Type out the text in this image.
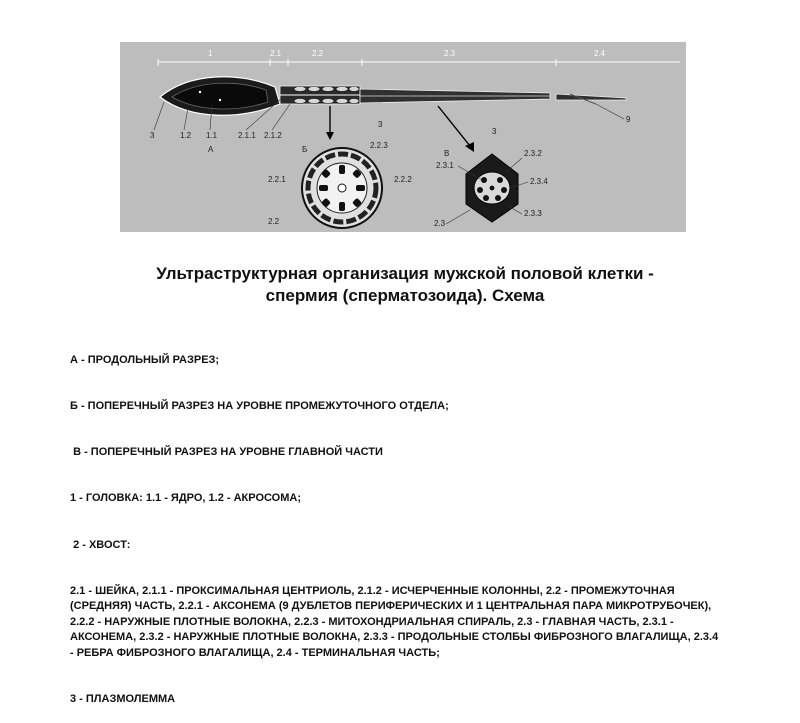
1	2.1	2.2	2.3	2.4
3	1.2 1.1	2.1.1 2.1.2
А	Б
3
3
9
2.2.3
2.2.1	2.2.2
2.2
В
2.3.1
2.3.2
2.3.4
2.3.3
2.3
Ультраструктурная организация мужской половой клетки -
спермия (сперматозоида). Схема

А - ПРОДОЛЬНЫЙ РАЗРЕЗ;

Б - ПОПЕРЕЧНЫЙ РАЗРЕЗ НА УРОВНЕ ПРОМЕЖУТОЧНОГО ОТДЕЛА;

В - ПОПЕРЕЧНЫЙ РАЗРЕЗ НА УРОВНЕ ГЛАВНОЙ ЧАСТИ

1 - ГОЛОВКА: 1.1 - ЯДРО, 1.2 - АКРОСОМА;

2 - ХВОСТ:

2.1 - ШЕЙКА, 2.1.1 - ПРОКСИМАЛЬНАЯ ЦЕНТРИОЛЬ, 2.1.2 - ИСЧЕРЧЕННЫЕ КОЛОННЫ, 2.2 - ПРОМЕЖУТОЧНАЯ (СРЕДНЯЯ) ЧАСТЬ, 2.2.1 - АКСОНЕМА (9 ДУБЛЕТОВ ПЕРИФЕРИЧЕСКИХ И 1 ЦЕНТРАЛЬНАЯ ПАРА МИКРОТРУБОЧЕК), 2.2.2 - НАРУЖНЫЕ ПЛОТНЫЕ ВОЛОКНА, 2.2.3 - МИТОХОНДРИАЛЬНАЯ СПИРАЛЬ, 2.3 - ГЛАВНАЯ ЧАСТЬ, 2.3.1 - АКСОНЕМА, 2.3.2 - НАРУЖНЫЕ ПЛОТНЫЕ ВОЛОКНА, 2.3.3 - ПРОДОЛЬНЫЕ СТОЛБЫ ФИБРОЗНОГО ВЛАГАЛИЩА, 2.3.4 - РЕБРА ФИБРОЗНОГО ВЛАГАЛИЩА, 2.4 - ТЕРМИНАЛЬНАЯ ЧАСТЬ;

3 - ПЛАЗМОЛЕММА
